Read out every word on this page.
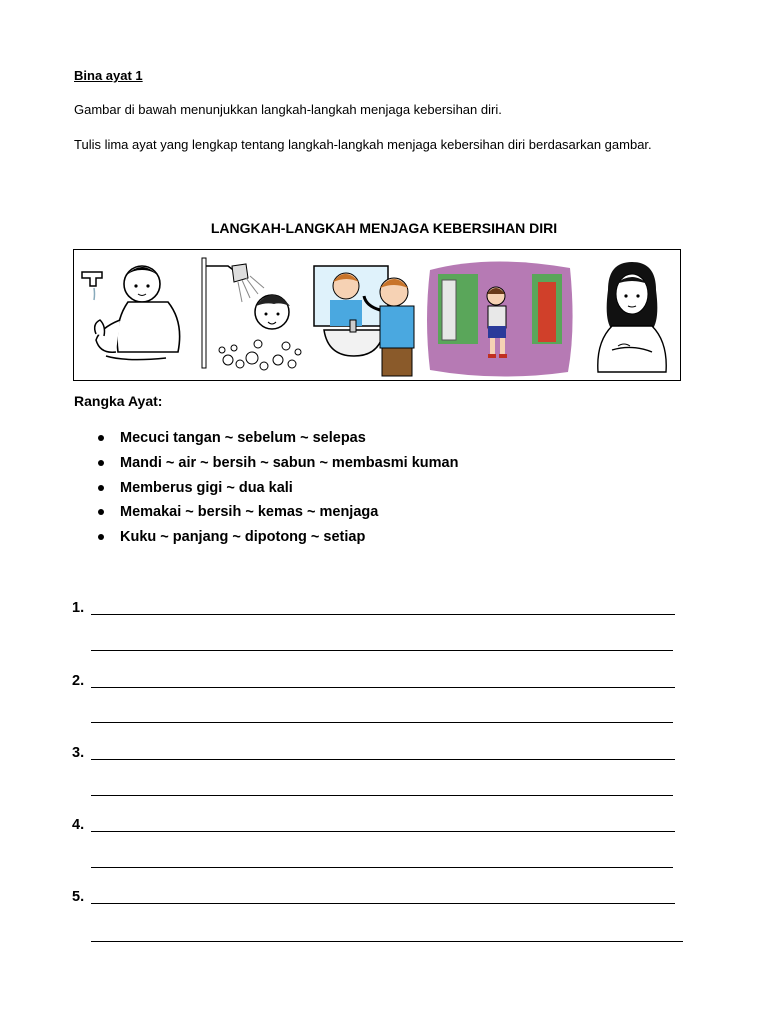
Bina ayat 1
Gambar di bawah menunjukkan langkah-langkah menjaga kebersihan diri.
Tulis lima ayat yang lengkap tentang langkah-langkah menjaga kebersihan diri berdasarkan gambar.
LANGKAH-LANGKAH MENJAGA KEBERSIHAN DIRI
Rangka Ayat:
Mecuci tangan ~ sebelum ~ selepas
Mandi ~ air ~ bersih ~ sabun ~ membasmi kuman
Memberus gigi ~ dua kali
Memakai ~ bersih ~ kemas ~ menjaga
Kuku ~ panjang ~ dipotong ~ setiap
1.
2.
3.
4.
5.
